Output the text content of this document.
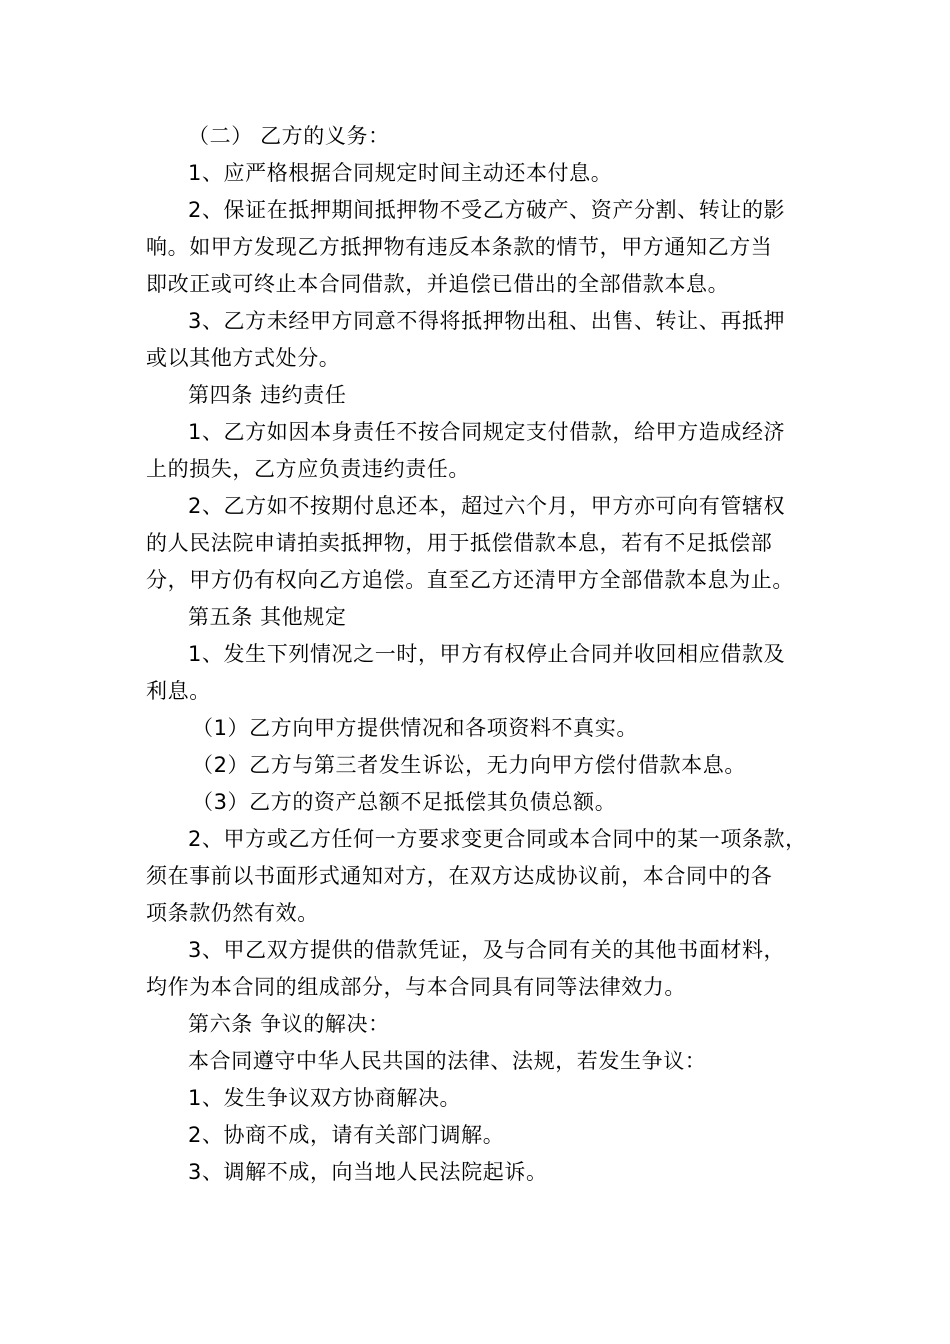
（二） 乙方的义务：
1、应严格根据合同规定时间主动还本付息。
2、保证在抵押期间抵押物不受乙方破产、资产分割、转让的影
响。如甲方发现乙方抵押物有违反本条款的情节，甲方通知乙方当
即改正或可终止本合同借款，并追偿已借出的全部借款本息。
3、乙方未经甲方同意不得将抵押物出租、出售、转让、再抵押
或以其他方式处分。
第四条 违约责任
1、乙方如因本身责任不按合同规定支付借款，给甲方造成经济
上的损失，乙方应负责违约责任。
2、乙方如不按期付息还本，超过六个月，甲方亦可向有管辖权
的人民法院申请拍卖抵押物，用于抵偿借款本息，若有不足抵偿部
分，甲方仍有权向乙方追偿。直至乙方还清甲方全部借款本息为止。
第五条 其他规定
1、发生下列情况之一时，甲方有权停止合同并收回相应借款及
利息。
（1）乙方向甲方提供情况和各项资料不真实。
（2）乙方与第三者发生诉讼，无力向甲方偿付借款本息。
（3）乙方的资产总额不足抵偿其负债总额。
2、甲方或乙方任何一方要求变更合同或本合同中的某一项条款，
须在事前以书面形式通知对方，在双方达成协议前，本合同中的各
项条款仍然有效。
3、甲乙双方提供的借款凭证，及与合同有关的其他书面材料，
均作为本合同的组成部分，与本合同具有同等法律效力。
第六条 争议的解决：
本合同遵守中华人民共国的法律、法规，若发生争议：
1、发生争议双方协商解决。
2、协商不成，请有关部门调解。
3、调解不成，向当地人民法院起诉。
